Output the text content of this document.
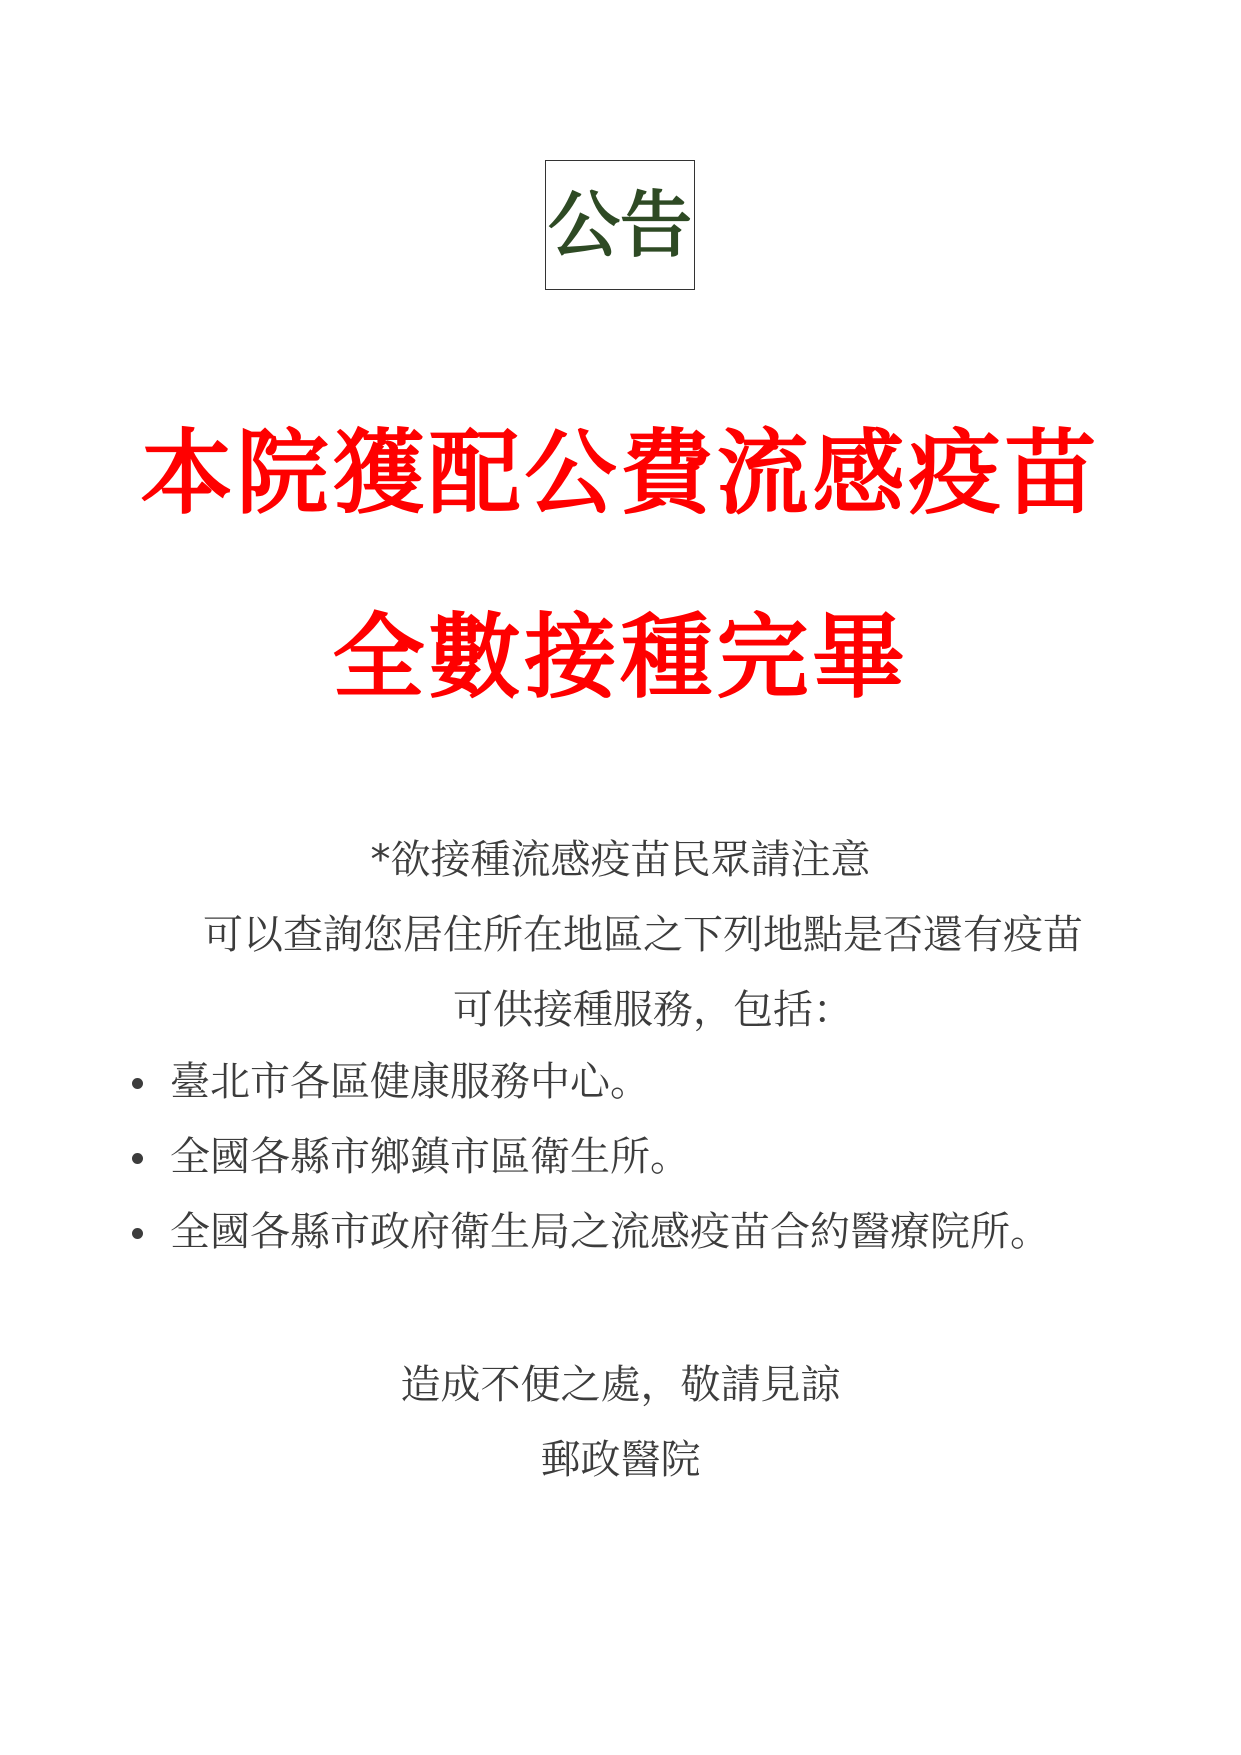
公告
本院獲配公費流感疫苗
全數接種完畢
*欲接種流感疫苗民眾請注意
可以查詢您居住所在地區之下列地點是否還有疫苗
可供接種服務，包括：
臺北市各區健康服務中心。
全國各縣市鄉鎮市區衛生所。
全國各縣市政府衛生局之流感疫苗合約醫療院所。
造成不便之處，敬請見諒
郵政醫院
